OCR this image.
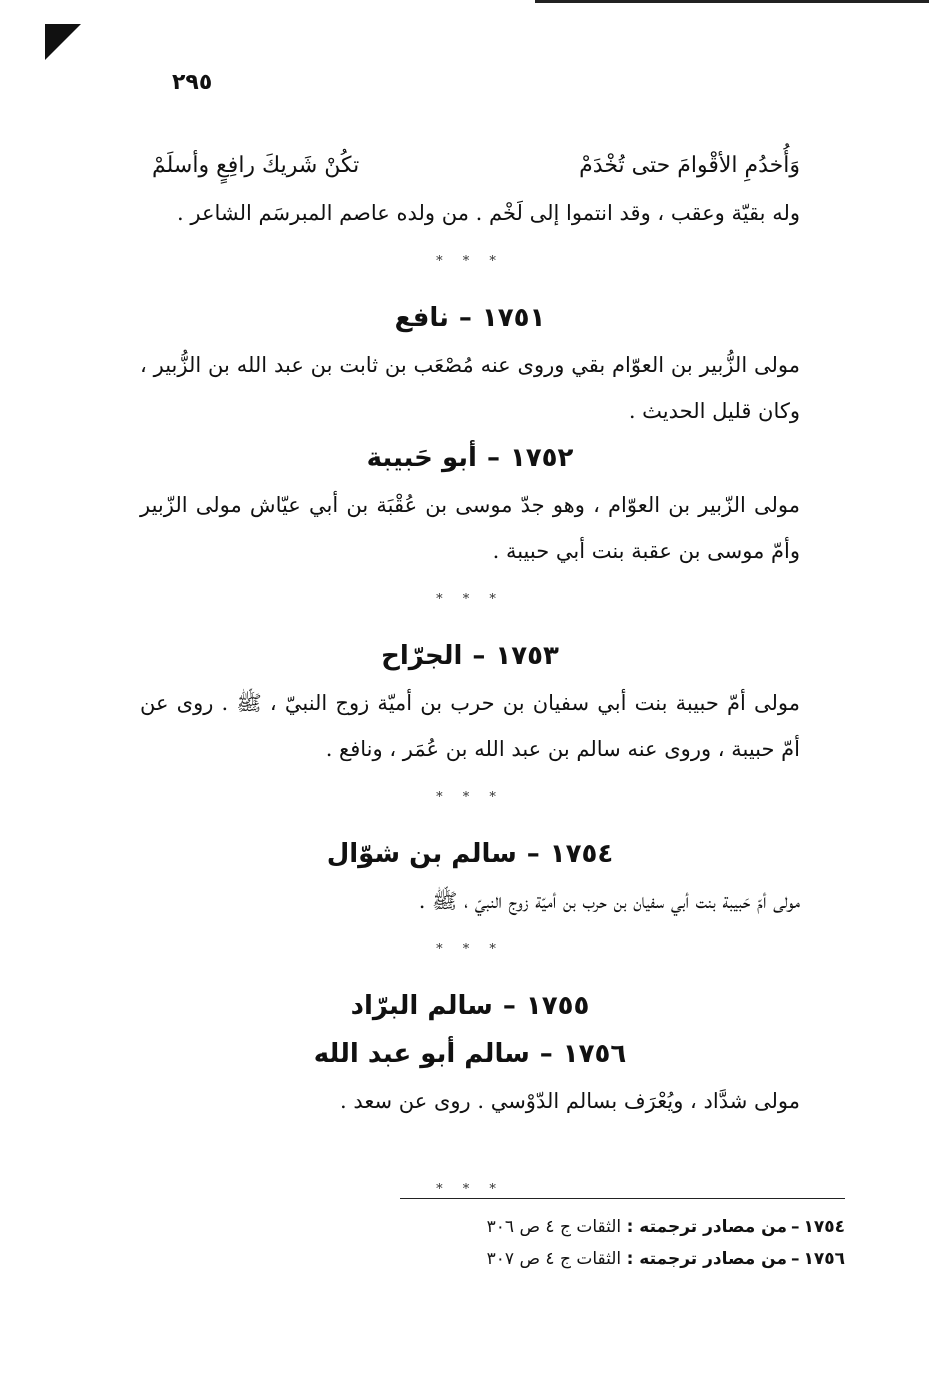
٢٩٥
وَأُخدُمِ الأقْوامَ حتى تُخْدَمْ
تكُنْ شَريكَ رافِعٍ وأسلَمْ

وله بقيّة وعقب ، وقد انتموا إلى لَخْم . من ولده عاصم المبرسَم الشاعر .

* * *
١٧٥١–نافع

مولى الزُّبير بن العوّام بقي وروى عنه مُصْعَب بن ثابت بن عبد الله بن الزُّبير ، وكان قليل الحديث .

١٧٥٢–أبو حَبيبة

مولى الزّبير بن العوّام ، وهو جدّ موسى بن عُقْبَة بن أبي عيّاش مولى الزّبير وأمّ موسى بن عقبة بنت أبي حبيبة .

* * *
١٧٥٣–الجرّاح

مولى أمّ حبيبة بنت أبي سفيان بن حرب بن أميّة زوج النبيّ ، ﷺ . روى عن أمّ حبيبة ، وروى عنه سالم بن عبد الله بن عُمَر ، ونافع .

* * *
١٧٥٤–سالم بن شوّال

مولى أمّ حَبيبة بنت أبي سفيان بن حرب بن أميّة زوج النبيّ ، ﷺ .

* * *
١٧٥٥–سالم البرّاد
١٧٥٦–سالم أبو عبد الله

مولى شدَّاد ، ويُعْرَف بسالم الدّوْسي . روى عن سعد .

* * *
١٧٥٤–من مصادر ترجمته : الثقات ج ٤ ص ٣٠٦
١٧٥٦–من مصادر ترجمته : الثقات ج ٤ ص ٣٠٧
